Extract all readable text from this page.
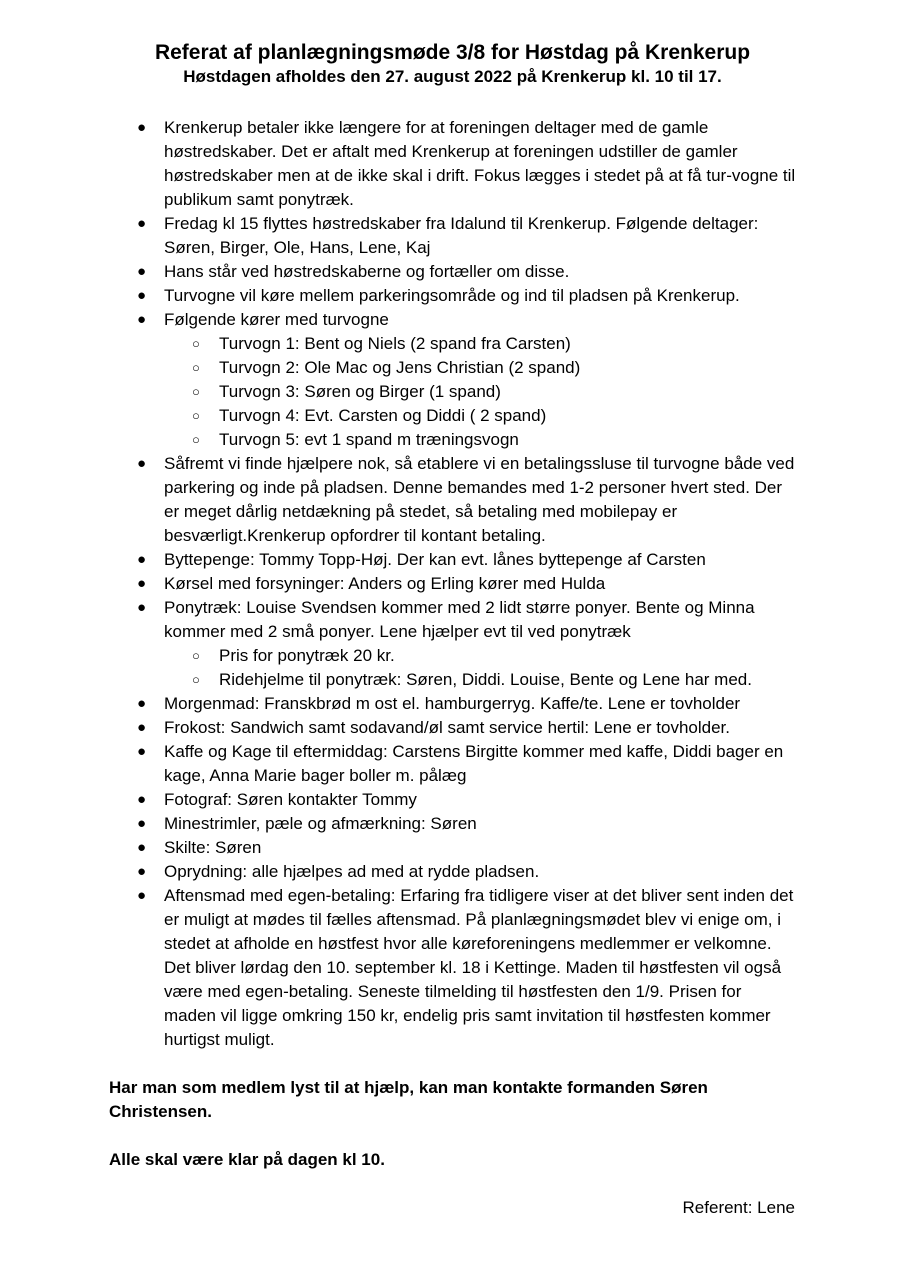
Referat af planlægningsmøde 3/8 for Høstdag på Krenkerup
Høstdagen afholdes den 27. august 2022 på Krenkerup kl. 10 til 17.
● Krenkerup betaler ikke længere for at foreningen deltager med de gamle høstredskaber. Det er aftalt med Krenkerup at foreningen udstiller de gamler høstredskaber men at de ikke skal i drift. Fokus lægges i stedet på at få tur-vogne til publikum samt ponytræk.
● Fredag kl 15 flyttes høstredskaber fra Idalund til Krenkerup. Følgende deltager: Søren, Birger, Ole, Hans, Lene, Kaj
● Hans står ved høstredskaberne og fortæller om disse.
● Turvogne vil køre mellem parkeringsområde og ind til pladsen på Krenkerup.
● Følgende kører med turvogne
○ Turvogn 1: Bent og Niels (2 spand fra Carsten)
○ Turvogn 2: Ole Mac og Jens Christian (2 spand)
○ Turvogn 3: Søren og Birger (1 spand)
○ Turvogn 4: Evt. Carsten og Diddi ( 2 spand)
○ Turvogn 5: evt 1 spand m træningsvogn
● Såfremt vi finde hjælpere nok, så etablere vi en betalingssluse til turvogne både ved parkering og inde på pladsen. Denne bemandes med 1-2 personer hvert sted. Der er meget dårlig netdækning på stedet, så betaling med mobilepay er besværligt.Krenkerup opfordrer til kontant betaling.
● Byttepenge: Tommy Topp-Høj. Der kan evt. lånes byttepenge af Carsten
● Kørsel med forsyninger: Anders og Erling kører med Hulda
● Ponytræk: Louise Svendsen kommer med 2 lidt større ponyer. Bente og Minna kommer med 2 små ponyer. Lene hjælper evt til ved ponytræk
○ Pris for ponytræk 20 kr.
○ Ridehjelme til ponytræk: Søren, Diddi. Louise, Bente og Lene har med.
● Morgenmad: Franskbrød m ost el. hamburgerryg. Kaffe/te. Lene er tovholder
● Frokost: Sandwich samt sodavand/øl samt service hertil: Lene er tovholder.
● Kaffe og Kage til eftermiddag: Carstens Birgitte kommer med kaffe, Diddi bager en kage, Anna Marie bager boller m. pålæg
● Fotograf: Søren kontakter Tommy
● Minestrimler, pæle og afmærkning: Søren
● Skilte: Søren
● Oprydning: alle hjælpes ad med at rydde pladsen.
● Aftensmad med egen-betaling: Erfaring fra tidligere viser at det bliver sent inden det er muligt at mødes til fælles aftensmad. På planlægningsmødet blev vi enige om, i stedet at afholde en høstfest hvor alle køreforeningens medlemmer er velkomne. Det bliver lørdag den 10. september kl. 18 i Kettinge. Maden til høstfesten vil også være med egen-betaling. Seneste tilmelding til høstfesten den 1/9. Prisen for maden vil ligge omkring 150 kr, endelig pris samt invitation til høstfesten kommer hurtigst muligt.

Har man som medlem lyst til at hjælp, kan man kontakte formanden Søren Christensen.

Alle skal være klar på dagen kl 10.

Referent: Lene
